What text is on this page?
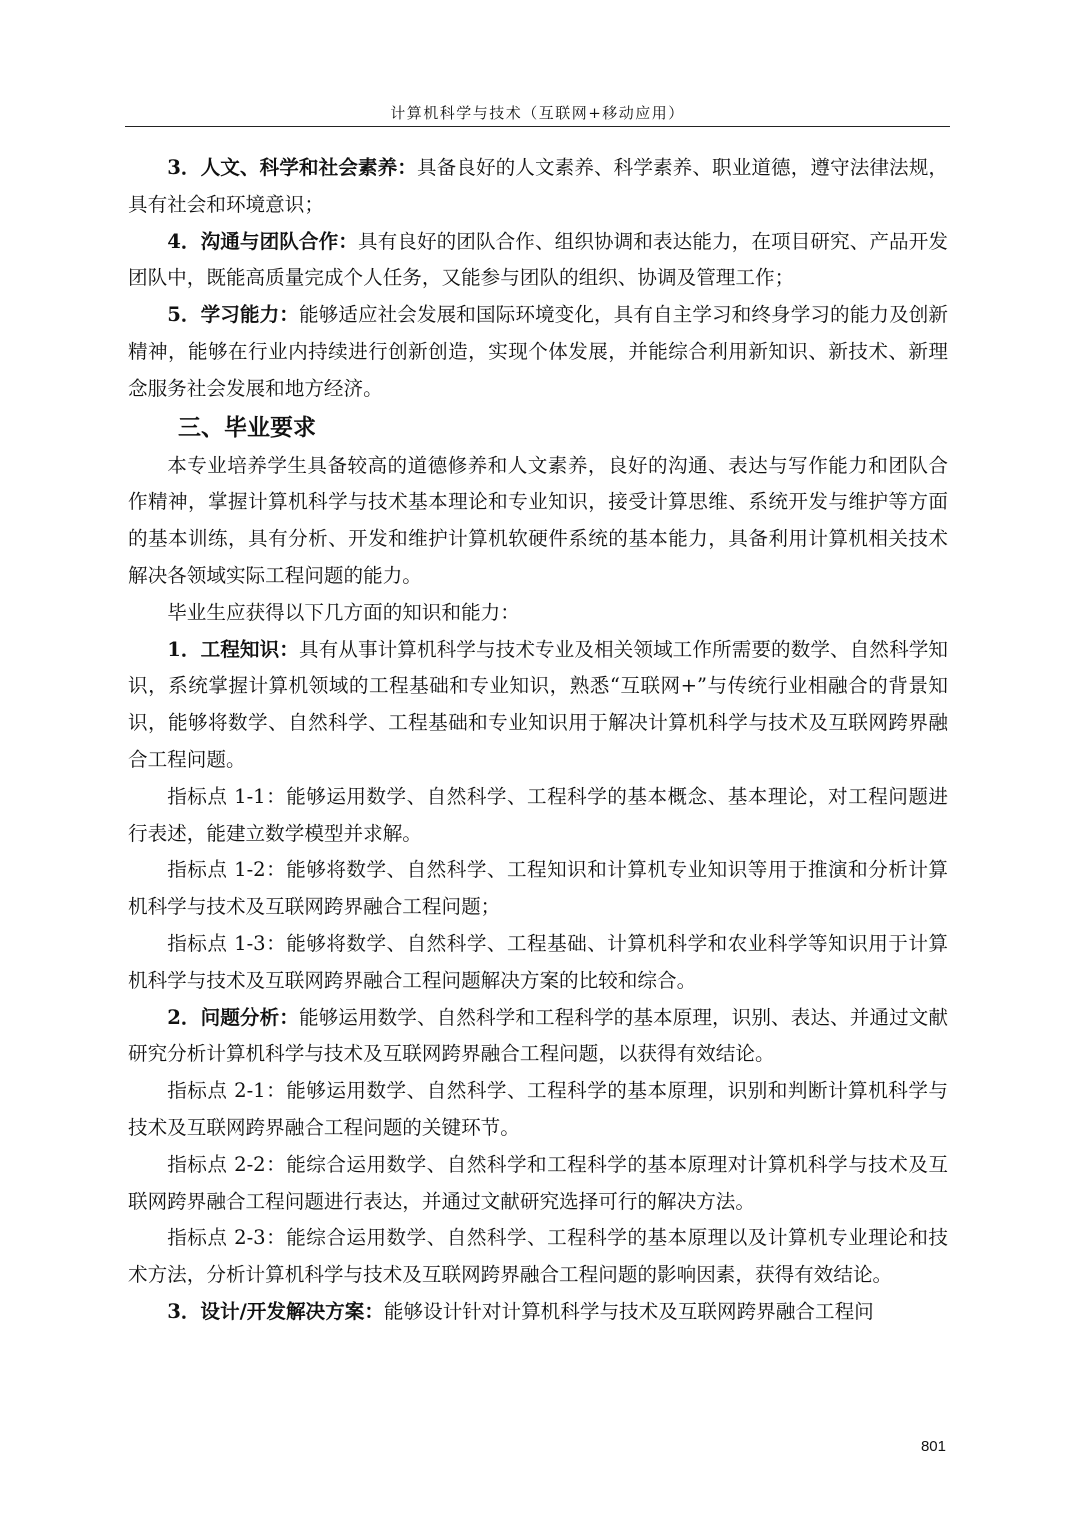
计算机科学与技术（互联网+移动应用）

3．人文、科学和社会素养：具备良好的人文素养、科学素养、职业道德，遵守法律法规，具有社会和环境意识；

4．沟通与团队合作：具有良好的团队合作、组织协调和表达能力，在项目研究、产品开发团队中，既能高质量完成个人任务，又能参与团队的组织、协调及管理工作；

5．学习能力：能够适应社会发展和国际环境变化，具有自主学习和终身学习的能力及创新精神，能够在行业内持续进行创新创造，实现个体发展，并能综合利用新知识、新技术、新理念服务社会发展和地方经济。

三、毕业要求

本专业培养学生具备较高的道德修养和人文素养，良好的沟通、表达与写作能力和团队合作精神，掌握计算机科学与技术基本理论和专业知识，接受计算思维、系统开发与维护等方面的基本训练，具有分析、开发和维护计算机软硬件系统的基本能力，具备利用计算机相关技术解决各领域实际工程问题的能力。

毕业生应获得以下几方面的知识和能力：

1．工程知识：具有从事计算机科学与技术专业及相关领域工作所需要的数学、自然科学知识，系统掌握计算机领域的工程基础和专业知识，熟悉“互联网+”与传统行业相融合的背景知识，能够将数学、自然科学、工程基础和专业知识用于解决计算机科学与技术及互联网跨界融合工程问题。

指标点 1-1：能够运用数学、自然科学、工程科学的基本概念、基本理论，对工程问题进行表述，能建立数学模型并求解。

指标点 1-2：能够将数学、自然科学、工程知识和计算机专业知识等用于推演和分析计算机科学与技术及互联网跨界融合工程问题；

指标点 1-3：能够将数学、自然科学、工程基础、计算机科学和农业科学等知识用于计算机科学与技术及互联网跨界融合工程问题解决方案的比较和综合。

2．问题分析：能够运用数学、自然科学和工程科学的基本原理，识别、表达、并通过文献研究分析计算机科学与技术及互联网跨界融合工程问题，以获得有效结论。

指标点 2-1：能够运用数学、自然科学、工程科学的基本原理，识别和判断计算机科学与技术及互联网跨界融合工程问题的关键环节。

指标点 2-2：能综合运用数学、自然科学和工程科学的基本原理对计算机科学与技术及互联网跨界融合工程问题进行表达，并通过文献研究选择可行的解决方法。

指标点 2-3：能综合运用数学、自然科学、工程科学的基本原理以及计算机专业理论和技术方法，分析计算机科学与技术及互联网跨界融合工程问题的影响因素，获得有效结论。

3．设计/开发解决方案：能够设计针对计算机科学与技术及互联网跨界融合工程问

801
